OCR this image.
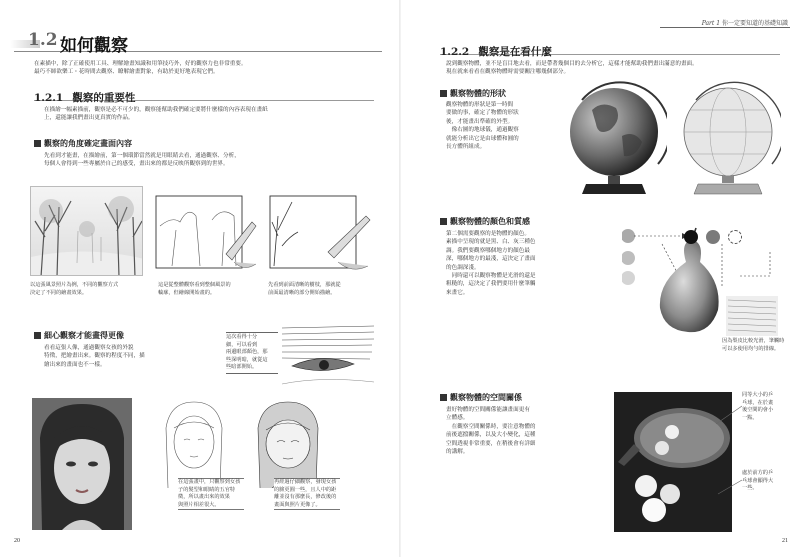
1.2 如何觀察
在素描中，除了正確使用工具、理解繪畫知識和用筆技巧外，好的觀察力也非常重要。
最巧不師欲樂工・花時間去觀察、瞭解繪畫對象，有助於更好地表現它們。
1.2.1 觀察的重要性
在描繪一幅素描前，觀察是必不可少的，觀察能幫助我們確定要將什麼樣的內容表現在畫紙
上，還能讓我們畫出更真實的作品。
觀察的角度確定畫面內容
先看到才能畫，在描繪前，第一個環節當然就是用眼睛去看，通過觀察、分析，
每個人會得到一些專屬於自己的感受，畫出來的都是反映所觀察到的世界。
以這張風景照片為例，不同的觀察方式
決定了不同的繪畫效果。
這是從整體觀察看到整個風景的
輪廓，但繪線開始畫的。
先看到前面清晰的樹枝，那就從
前面最清晰的部分開始描繪。
細心觀察才能畫得更像
看看這張人像，通過觀察女孩的外貌
特徵，把繪畫出來。觀察的程度不同，描
繪出來的畫面也不一樣。
這次看得十分
細，可以看到
兩邊眼部顏色，那
些深明暗，就從這
些暗部開始。
在這張畫中，只觀察到女孩
子的髮型和眼睛的五官特
徵，所以畫出來的效果
與照片相差很大。
再經過仔細觀察，發現女孩
的臉更圓一些，且人中的距
離並沒有那麼長，修改後的
畫面與照片更像了。
20
Part 1 你一定要知道的基礎知識
1.2.2 觀察是在看什麼
說到觀察物體，並不是盲目地去看，而是帶著幾個目的去分析它，這樣才能幫助我們畫出滿意的畫面。
現在就來看看在觀察物體時需要關注哪幾個部分。
觀察物體的形狀
觀察物體的形狀是第一時間
要做的事，確定了物體的形狀
後，才能畫出準確的外型。
　像右圖的地球儀，通過觀察
就能分析出它是由球體和圓的
長方體所組成。
觀察物體的顏色和質感
第二個需要觀察的是物體的顏色。
素描中呈現的就是黑、白、灰三種色
調。我們要觀察哪個地方的顏色最
深，哪個地方的最淺，這決定了畫面
的色調深淺。
　同時還可以觀察物體是光滑的還是
粗糙的，這決定了我們要用什麼筆觸
來畫它。
因為梨皮比較光滑，筆觸時
可以多使用均勻的排線。
觀察物體的空間關係
畫好物體的空間關係能讓畫面更有
立體感。
　在觀察空間關係時，要注意物體的
前後遮擋關係，以及大小變化，這種
空間透視非常重要，在稍後會有詳細
的講解。
同等大小的乒
乓球，在於畫
後空間的會小
一點。
處於前方的乒
乓球會顯得大
一些。
21
